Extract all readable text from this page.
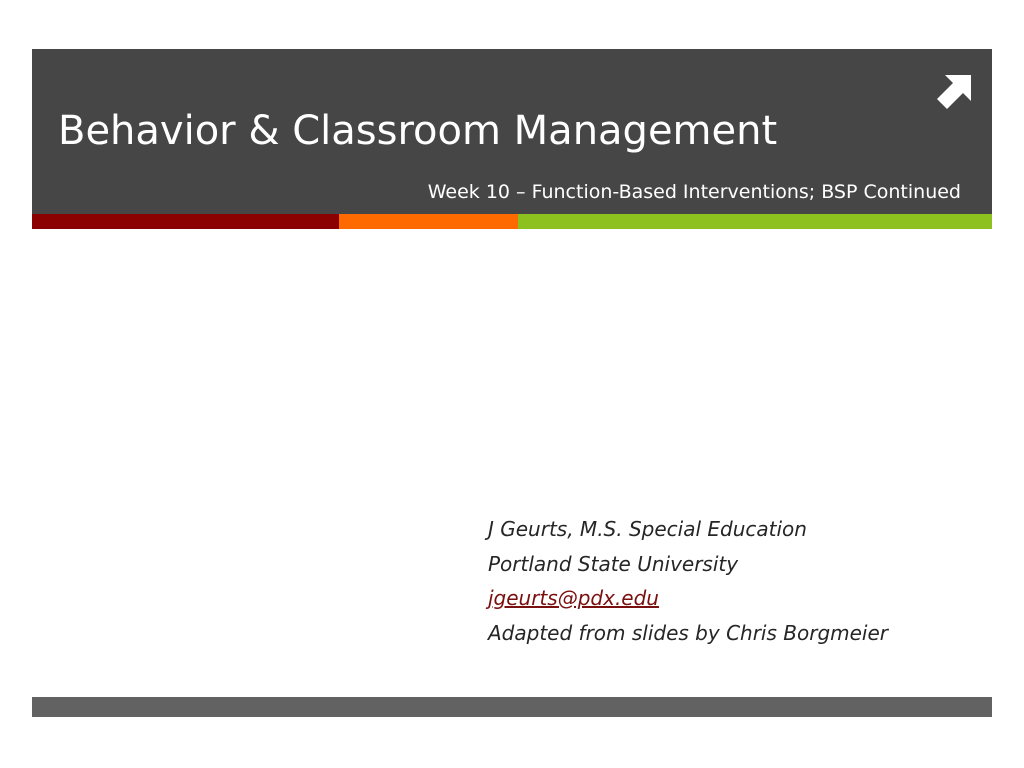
Behavior & Classroom Management
Week 10 – Function-Based Interventions; BSP Continued
J Geurts, M.S. Special Education
Portland State University
jgeurts@pdx.edu
Adapted from slides by Chris Borgmeier
